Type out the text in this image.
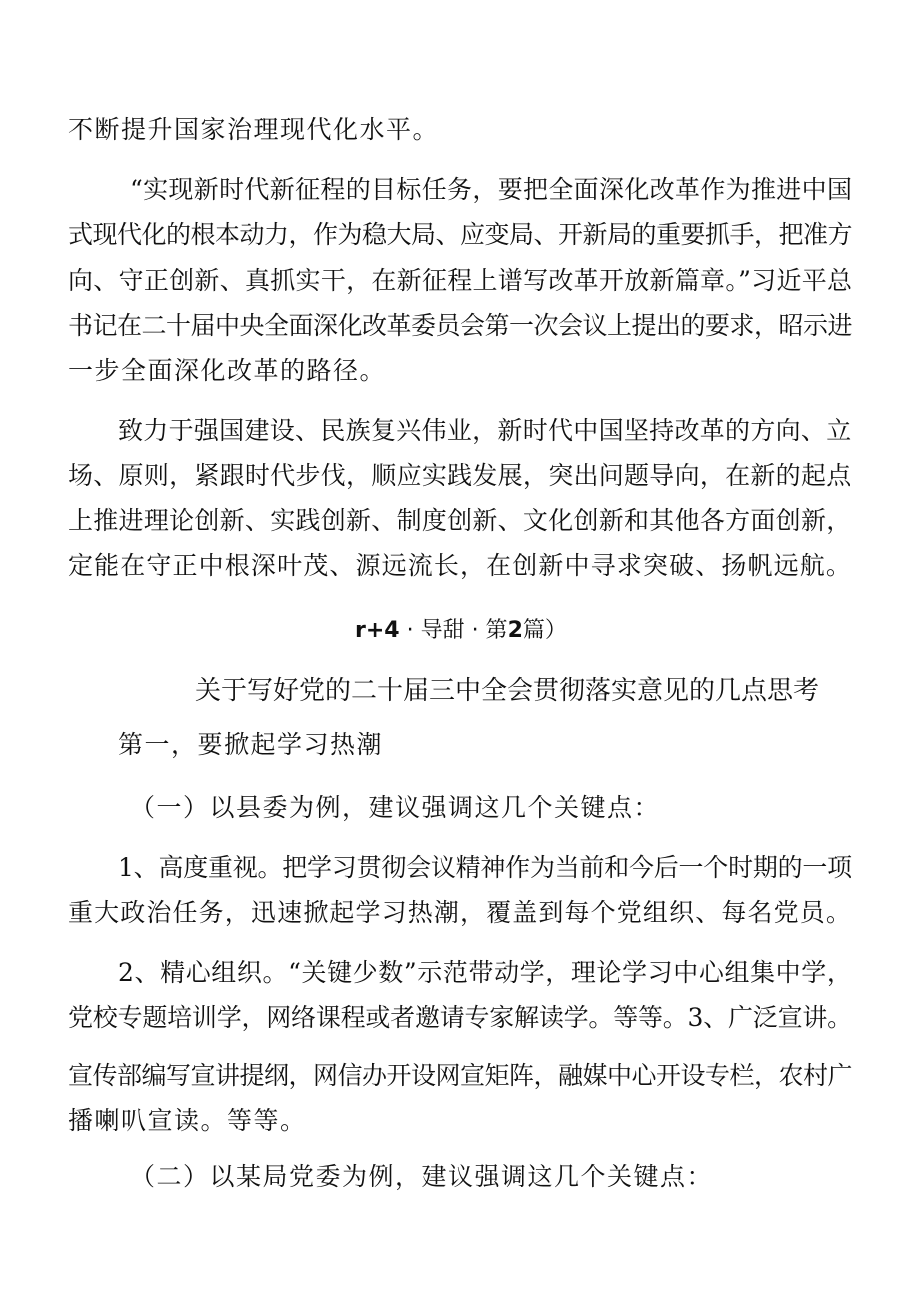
不断提升国家治理现代化水平。
“实现新时代新征程的目标任务，要把全面深化改革作为推进中国
式现代化的根本动力，作为稳大局、应变局、开新局的重要抓手，把准方
向、守正创新、真抓实干，在新征程上谱写改革开放新篇章。”习近平总
书记在二十届中央全面深化改革委员会第一次会议上提出的要求，昭示进
一步全面深化改革的路径。
致力于强国建设、民族复兴伟业，新时代中国坚持改革的方向、立
场、原则，紧跟时代步伐，顺应实践发展，突出问题导向，在新的起点
上推进理论创新、实践创新、制度创新、文化创新和其他各方面创新，
定能在守正中根深叶茂、源远流长，在创新中寻求突破、扬帆远航。
r+4 · 导甜 · 第2篇）
关于写好党的二十届三中全会贯彻落实意见的几点思考
第一，要掀起学习热潮
（一）以县委为例，建议强调这几个关键点：
1、高度重视。把学习贯彻会议精神作为当前和今后一个时期的一项
重大政治任务，迅速掀起学习热潮，覆盖到每个党组织、每名党员。
2、精心组织。“关键少数”示范带动学，理论学习中心组集中学，
党校专题培训学，网络课程或者邀请专家解读学。等等。3、广泛宣讲。
宣传部编写宣讲提纲，网信办开设网宣矩阵，融媒中心开设专栏，农村广
播喇叭宣读。等等。
（二）以某局党委为例，建议强调这几个关键点：
